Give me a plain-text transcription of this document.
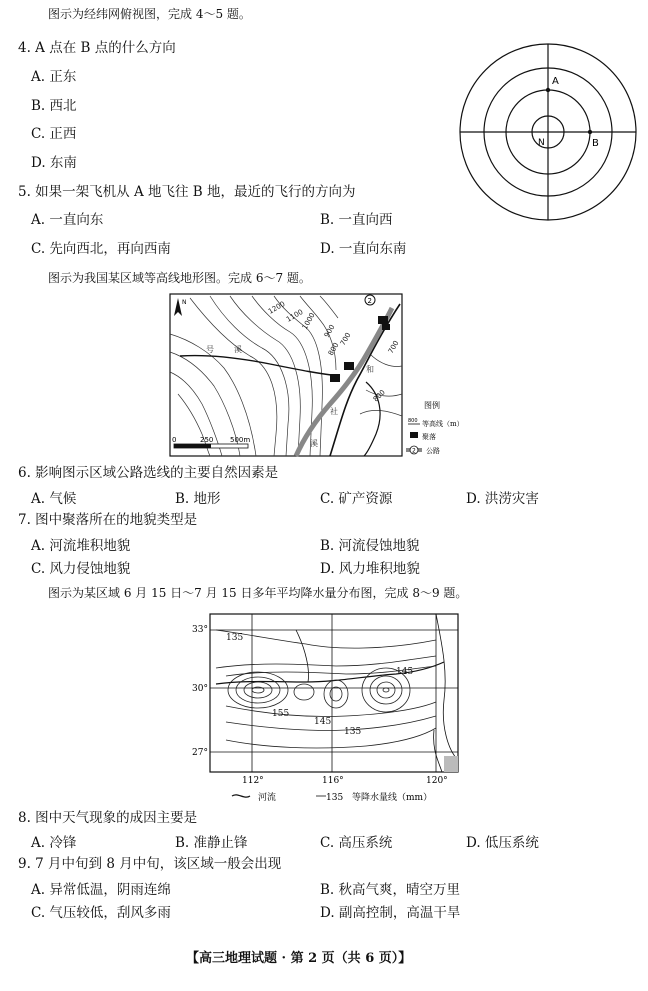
图示为经纬网俯视图，完成 4～5 题。
4. A 点在 B 点的什么方向
A. 正东
B. 西北
C. 正西
D. 东南
A
B
N
5. 如果一架飞机从 A 地飞往 B 地，最近的飞行的方向为
A. 一直向东	B. 一直向西
C. 先向西北，再向西南	D. 一直向东南
图示为我国某区域等高线地形图。完成 6～7 题。
N	2
1200
1100
1000
900
800
700
700
800
号	溪
和
社
溪
0	250 500m
图例
800 等高线（m）
聚落
2 公路
6. 影响图示区域公路选线的主要自然因素是
A. 气候	B. 地形	C. 矿产资源	D. 洪涝灾害
7. 图中聚落所在的地貌类型是
A. 河流堆积地貌	B. 河流侵蚀地貌
C. 风力侵蚀地貌	D. 风力堆积地貌
图示为某区域 6 月 15 日～7 月 15 日多年平均降水量分布图，完成 8～9 题。
33°
30°
27°
112°	116°	120°
135
145
155
145
135
河流	135 等降水量线（mm）
8. 图中天气现象的成因主要是
A. 冷锋	B. 准静止锋	C. 高压系统	D. 低压系统
9. 7 月中旬到 8 月中旬，该区域一般会出现
A. 异常低温，阴雨连绵	B. 秋高气爽，晴空万里
C. 气压较低，刮风多雨	D. 副高控制，高温干旱
【高三地理试题 · 第 2 页（共 6 页）】
